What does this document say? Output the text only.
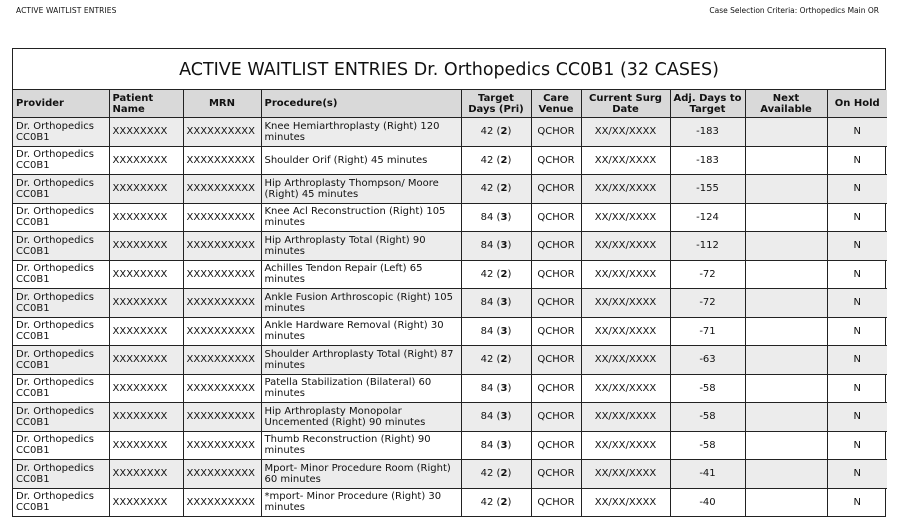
ACTIVE WAITLIST ENTRIES	Case Selection Criteria: Orthopedics Main OR
ACTIVE WAITLIST ENTRIES Dr. Orthopedics CC0B1 (32 CASES)
Provider	Patient Name	MRN	Procedure(s)	Target Days (Pri)	Care Venue	Current Surg Date	Adj. Days to Target	Next Available	On Hold
Dr. Orthopedics CC0B1	XXXXXXXX	XXXXXXXXXX	Knee Hemiarthroplasty (Right) 120 minutes	42 (2)	QCHOR	XX/XX/XXXX	-183		N
Dr. Orthopedics CC0B1	XXXXXXXX	XXXXXXXXXX	Shoulder Orif (Right) 45 minutes	42 (2)	QCHOR	XX/XX/XXXX	-183		N
Dr. Orthopedics CC0B1	XXXXXXXX	XXXXXXXXXX	Hip Arthroplasty Thompson/ Moore (Right) 45 minutes	42 (2)	QCHOR	XX/XX/XXXX	-155		N
Dr. Orthopedics CC0B1	XXXXXXXX	XXXXXXXXXX	Knee Acl Reconstruction (Right) 105 minutes	84 (3)	QCHOR	XX/XX/XXXX	-124		N
Dr. Orthopedics CC0B1	XXXXXXXX	XXXXXXXXXX	Hip Arthroplasty Total (Right) 90 minutes	84 (3)	QCHOR	XX/XX/XXXX	-112		N
Dr. Orthopedics CC0B1	XXXXXXXX	XXXXXXXXXX	Achilles Tendon Repair (Left) 65 minutes	42 (2)	QCHOR	XX/XX/XXXX	-72		N
Dr. Orthopedics CC0B1	XXXXXXXX	XXXXXXXXXX	Ankle Fusion Arthroscopic (Right) 105 minutes	84 (3)	QCHOR	XX/XX/XXXX	-72		N
Dr. Orthopedics CC0B1	XXXXXXXX	XXXXXXXXXX	Ankle Hardware Removal (Right) 30 minutes	84 (3)	QCHOR	XX/XX/XXXX	-71		N
Dr. Orthopedics CC0B1	XXXXXXXX	XXXXXXXXXX	Shoulder Arthroplasty Total (Right) 87 minutes	42 (2)	QCHOR	XX/XX/XXXX	-63		N
Dr. Orthopedics CC0B1	XXXXXXXX	XXXXXXXXXX	Patella Stabilization (Bilateral) 60 minutes	84 (3)	QCHOR	XX/XX/XXXX	-58		N
Dr. Orthopedics CC0B1	XXXXXXXX	XXXXXXXXXX	Hip Arthroplasty Monopolar Uncemented (Right) 90 minutes	84 (3)	QCHOR	XX/XX/XXXX	-58		N
Dr. Orthopedics CC0B1	XXXXXXXX	XXXXXXXXXX	Thumb Reconstruction (Right) 90 minutes	84 (3)	QCHOR	XX/XX/XXXX	-58		N
Dr. Orthopedics CC0B1	XXXXXXXX	XXXXXXXXXX	Mport- Minor Procedure Room (Right) 60 minutes	42 (2)	QCHOR	XX/XX/XXXX	-41		N
Dr. Orthopedics CC0B1	XXXXXXXX	XXXXXXXXXX	*mport- Minor Procedure (Right) 30 minutes	42 (2)	QCHOR	XX/XX/XXXX	-40		N
